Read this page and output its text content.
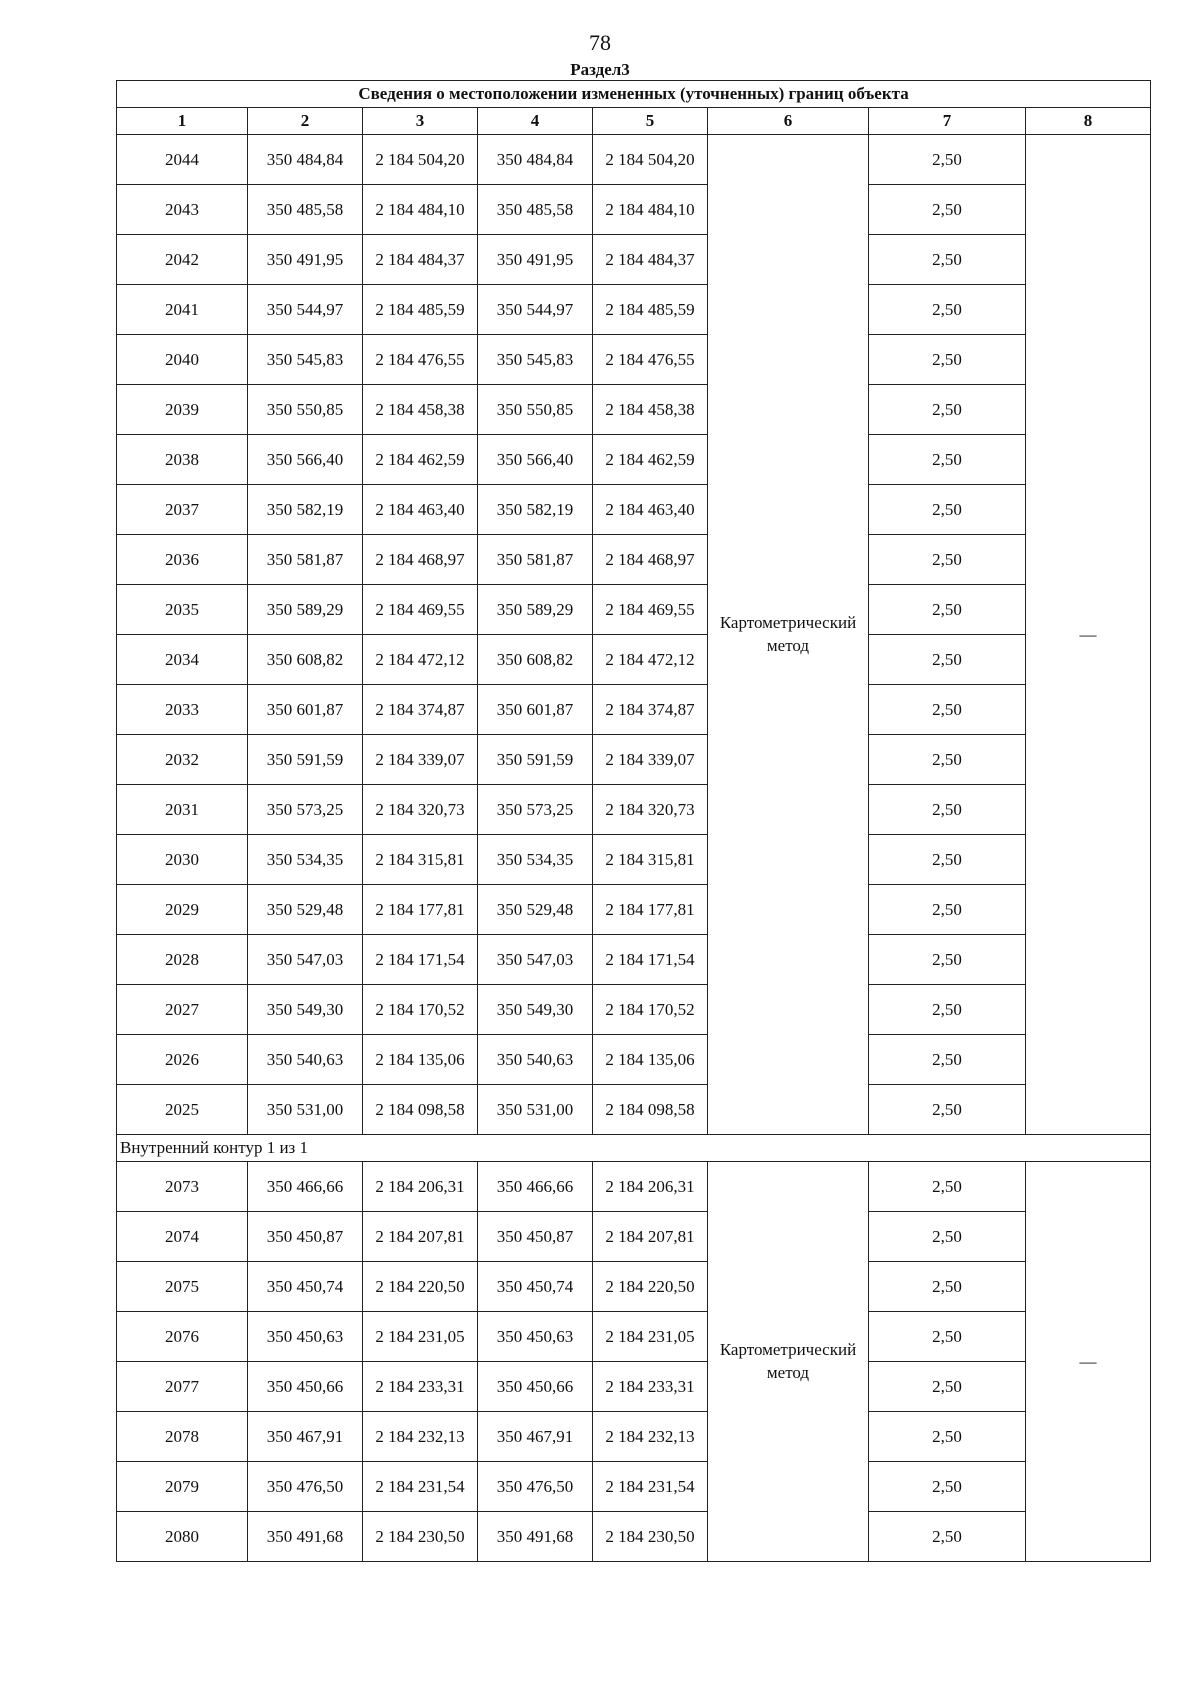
78
Раздел3
Сведения о местоположении измененных (уточненных) границ объекта							
1	2	3	4	5	6	7	8
2044	350 484,84	2 184 504,20	350 484,84	2 184 504,20	Картометрический метод	2,50	—
2043	350 485,58	2 184 484,10	350 485,58	2 184 484,10		2,50	
2042	350 491,95	2 184 484,37	350 491,95	2 184 484,37		2,50	
2041	350 544,97	2 184 485,59	350 544,97	2 184 485,59		2,50	
2040	350 545,83	2 184 476,55	350 545,83	2 184 476,55		2,50	
2039	350 550,85	2 184 458,38	350 550,85	2 184 458,38		2,50	
2038	350 566,40	2 184 462,59	350 566,40	2 184 462,59		2,50	
2037	350 582,19	2 184 463,40	350 582,19	2 184 463,40		2,50	
2036	350 581,87	2 184 468,97	350 581,87	2 184 468,97		2,50	
2035	350 589,29	2 184 469,55	350 589,29	2 184 469,55		2,50	
2034	350 608,82	2 184 472,12	350 608,82	2 184 472,12		2,50	
2033	350 601,87	2 184 374,87	350 601,87	2 184 374,87		2,50	
2032	350 591,59	2 184 339,07	350 591,59	2 184 339,07		2,50	
2031	350 573,25	2 184 320,73	350 573,25	2 184 320,73		2,50	
2030	350 534,35	2 184 315,81	350 534,35	2 184 315,81		2,50	
2029	350 529,48	2 184 177,81	350 529,48	2 184 177,81		2,50	
2028	350 547,03	2 184 171,54	350 547,03	2 184 171,54		2,50	
2027	350 549,30	2 184 170,52	350 549,30	2 184 170,52		2,50	
2026	350 540,63	2 184 135,06	350 540,63	2 184 135,06		2,50	
2025	350 531,00	2 184 098,58	350 531,00	2 184 098,58		2,50	
Внутренний контур 1 из 1							
2073	350 466,66	2 184 206,31	350 466,66	2 184 206,31	Картометрический метод	2,50	—
2074	350 450,87	2 184 207,81	350 450,87	2 184 207,81		2,50	
2075	350 450,74	2 184 220,50	350 450,74	2 184 220,50		2,50	
2076	350 450,63	2 184 231,05	350 450,63	2 184 231,05		2,50	
2077	350 450,66	2 184 233,31	350 450,66	2 184 233,31		2,50	
2078	350 467,91	2 184 232,13	350 467,91	2 184 232,13		2,50	
2079	350 476,50	2 184 231,54	350 476,50	2 184 231,54		2,50	
2080	350 491,68	2 184 230,50	350 491,68	2 184 230,50		2,50	
